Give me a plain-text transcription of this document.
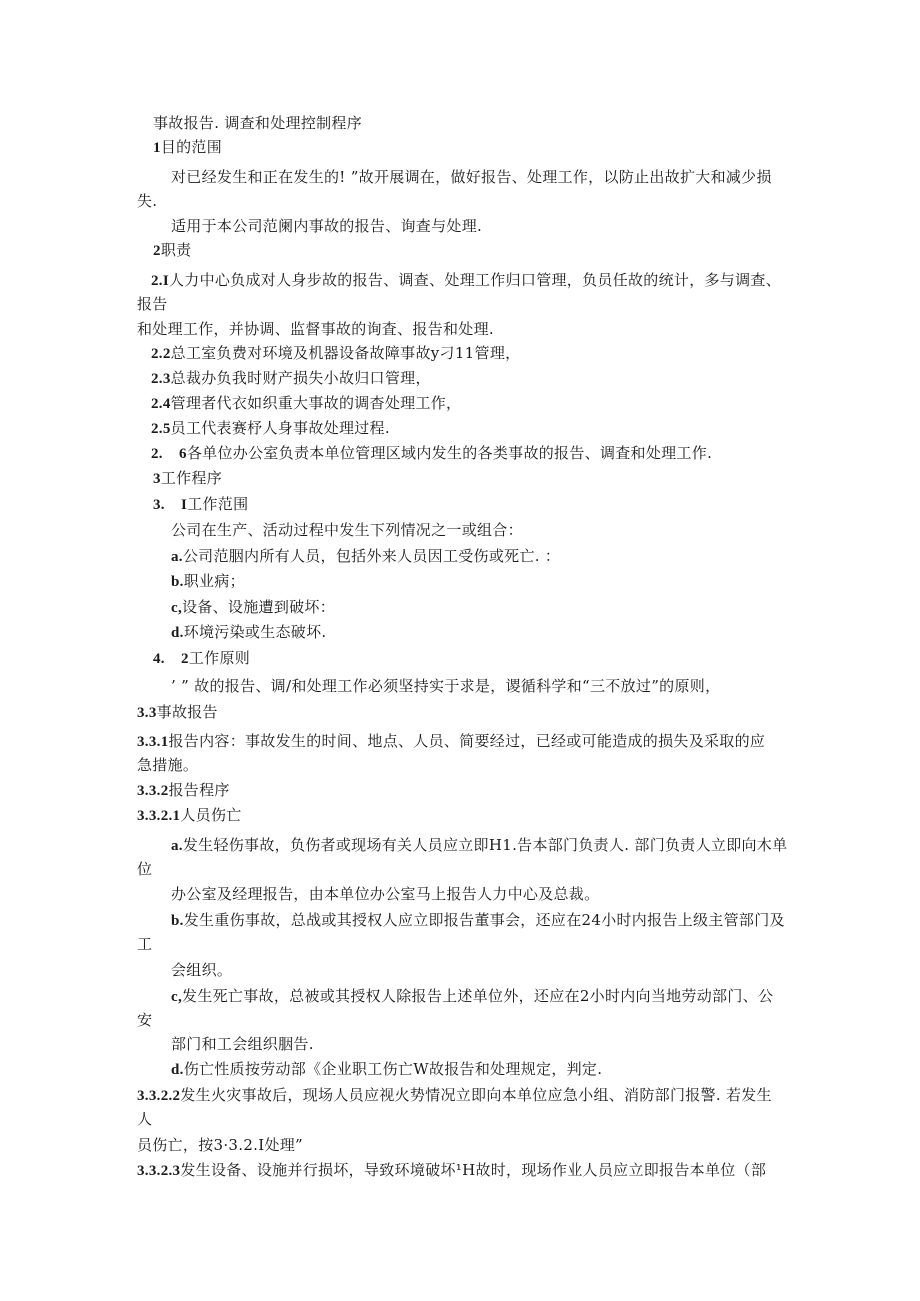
事故报告. 调查和处理控制程序
1目的范围
对已经发生和正在发生的! ”故开展调在，做好报告、处理工作，以防止出故扩大和减少损
失.
适用于本公司范阑内事故的报告、询查与处理.
2职责
2.I人力中心负成对人身步故的报告、调查、处理工作归口管理，负员任故的统计，多与调查、
报告
和处理工作，并协调、监督事故的询査、报告和处理.
2.2总工室负费对环境及机器设备故障事故y刁11管理，
2.3总裁办负我时财产损失小故归口管理，
2.4管理者代衣如织重大事故的调杳处理工作，
2.5员工代表赛杼人身事故处理过程.
2.    6各单位办公室负责本单位管理区域内发生的各类事故的报告、调査和处理工作.
3工作程序
3.    I工作范围
公司在生产、活动过程中发生下列情况之一或组合：
a.公司范胭内所有人员，包括外来人员因工受伤或死亡. ：
b.职业病；
c,设备、设施遭到破坏：
d.环境污染或生态破坏.
4.    2工作原则
’ ” 故的报告、调/和处理工作必须坚持实于求是，谡循科学和“三不放过”的原则，
3.3事故报告
3.3.1报告内容：事故发生的时间、地点、人员、简要经过，已经或可能造成的损失及采取的应
急措施。
3.3.2报告程序
3.3.2.1人员伤亡
a.发生轻伤事故，负伤者或现场有关人员应立即H1.告本部门负责人. 部门负责人立即向木单
位
办公室及经理报告，由本单位办公室马上报告人力中心及总裁。
b.发生重伤事故，总战或其授权人应立即报告董事会，还应在24小时内报告上级主管部门及
工
会组织。
c,发生死亡事故，总被或其授权人除报告上述单位外，还应在2小时内向当地劳动部门、公
安
部门和工会组织胭告.
d.伤亡性质按劳动部《企业职工伤亡W故报告和处理规定，判定.
3.3.2.2发生火灾事故后，现场人员应视火势情况立即向本单位应急小组、消防部门报警. 若发生
人
员伤亡，按3·3.2.I处理”
3.3.2.3发生设备、设施并行损坏，导致环境破坏¹H故时，现场作业人员应立即报告本单位（部
